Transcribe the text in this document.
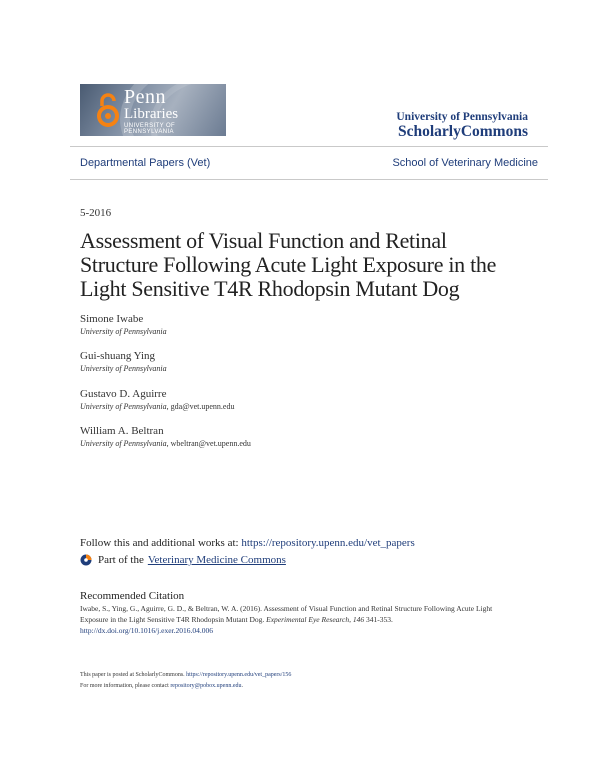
Penn
Libraries
UNIVERSITY OF PENNSYLVANIA
University of Pennsylvania
ScholarlyCommons
Departmental Papers (Vet)	School of Veterinary Medicine
5-2016
Assessment of Visual Function and Retinal
Structure Following Acute Light Exposure in the
Light Sensitive T4R Rhodopsin Mutant Dog
Simone Iwabe
University of Pennsylvania
Gui-shuang Ying
University of Pennsylvania
Gustavo D. Aguirre
University of Pennsylvania, gda@vet.upenn.edu
William A. Beltran
University of Pennsylvania, wbeltran@vet.upenn.edu
Follow this and additional works at: https://repository.upenn.edu/vet_papers
Part of the Veterinary Medicine Commons
Recommended Citation
Iwabe, S., Ying, G., Aguirre, G. D., & Beltran, W. A. (2016). Assessment of Visual Function and Retinal Structure Following Acute Light Exposure in the Light Sensitive T4R Rhodopsin Mutant Dog. Experimental Eye Research, 146 341-353. http://dx.doi.org/10.1016/j.exer.2016.04.006
This paper is posted at ScholarlyCommons. https://repository.upenn.edu/vet_papers/156
For more information, please contact repository@pobox.upenn.edu.
